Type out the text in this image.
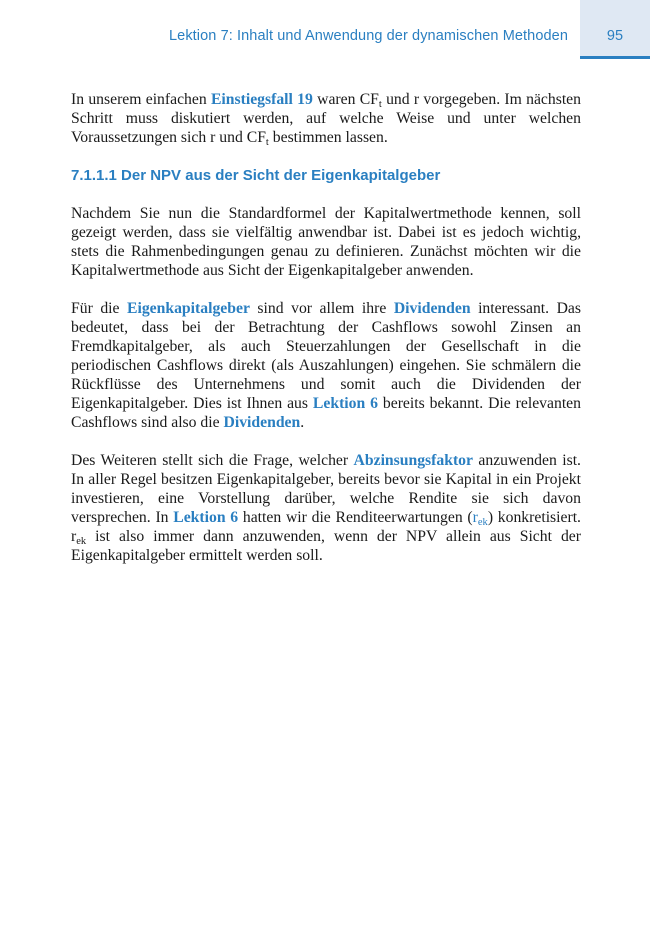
95
Lektion 7: Inhalt und Anwendung der dynamischen Methoden

In unserem einfachen Einstiegsfall 19 waren $CF_t$ und r vorgegeben. Im nächsten Schritt muss diskutiert werden, auf welche Weise und unter welchen Voraussetzungen sich r und $CF_t$ bestimmen lassen.

7.1.1.1 Der NPV aus der Sicht der Eigenkapitalgeber

Nachdem Sie nun die Standardformel der Kapitalwertmethode kennen, soll gezeigt werden, dass sie vielfältig anwendbar ist. Dabei ist es jedoch wichtig, stets die Rahmenbedingungen genau zu definieren. Zunächst möchten wir die Kapitalwertmethode aus Sicht der Eigenkapitalgeber anwenden.

Für die Eigenkapitalgeber sind vor allem ihre Dividenden interessant. Das bedeutet, dass bei der Betrachtung der Cashflows sowohl Zinsen an Fremdkapitalgeber, als auch Steuerzahlungen der Gesellschaft in die periodischen Cashflows direkt (als Auszahlungen) eingehen. Sie schmälern die Rückflüsse des Unternehmens und somit auch die Dividenden der Eigenkapitalgeber. Dies ist Ihnen aus Lektion 6 bereits bekannt. Die relevanten Cashflows sind also die Dividenden.

Des Weiteren stellt sich die Frage, welcher Abzinsungsfaktor anzuwenden ist. In aller Regel besitzen Eigenkapitalgeber, bereits bevor sie Kapital in ein Projekt investieren, eine Vorstellung darüber, welche Rendite sie sich davon versprechen. In Lektion 6 hatten wir die Renditeerwartungen $(r_{ek})$ konkretisiert. $r_{ek}$ ist also immer dann anzuwenden, wenn der NPV allein aus Sicht der Eigenkapitalgeber ermittelt werden soll.
